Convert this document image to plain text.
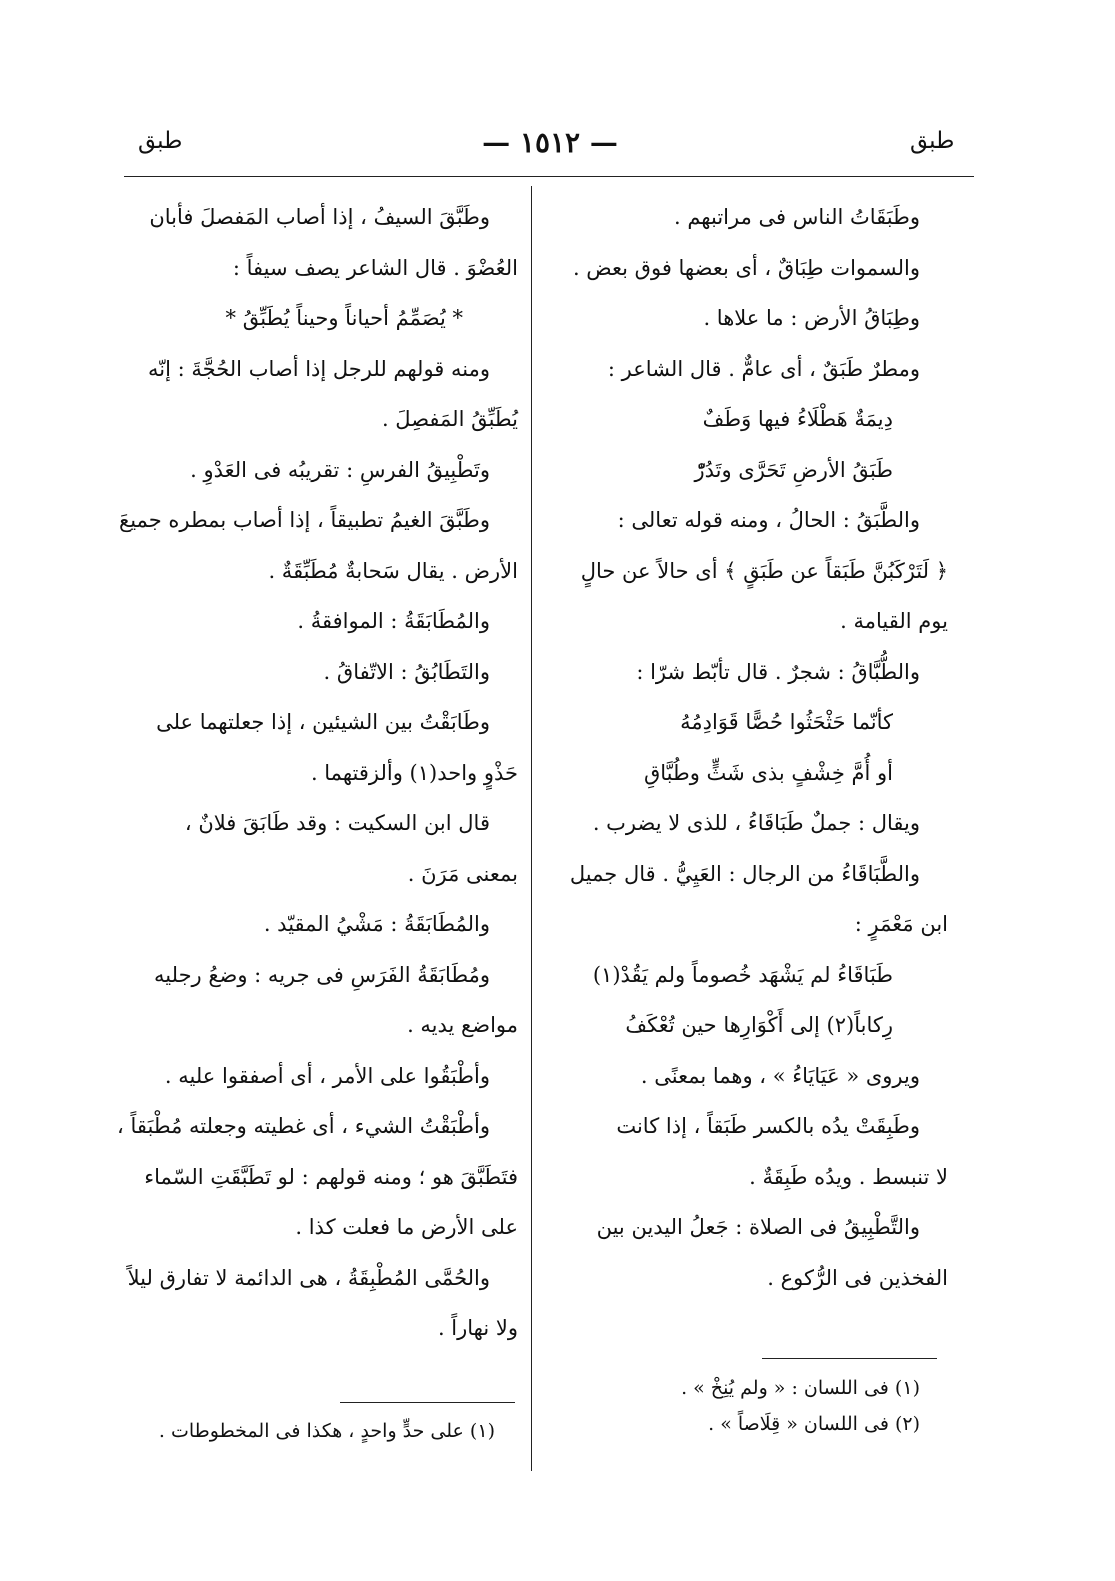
طبق	— ١٥١٢ —	طبق
وطَبَقَاتُ الناس فى مراتبهم .
والسموات طِبَاقٌ ، أى بعضها فوق بعض .
وطِبَاقُ الأرض : ما علاها .
ومطرٌ طَبَقٌ ، أى عامٌّ . قال الشاعر :
دِيمَةٌ هَطْلَاءُ فيها وَطَفٌ
طَبَقُ الأرضِ تَحَرَّى وتَدُرّْ
والطَّبَقُ : الحالُ ، ومنه قوله تعالى :
﴿ لَتَرْكَبُنَّ طَبَقاً عن طَبَقٍ ﴾ أى حالاً عن حالٍ
يوم القيامة .
والطُّبَّاقُ : شجرٌ . قال تأبّط شرّا :
كأنّما حَثْحَثُوا حُصًّا قَوَادِمُهُ
أو أُمَّ خِشْفٍ بذى شَثٍّ وطُبَّاقِ
ويقال : جملٌ طَبَاقَاءُ ، للذى لا يضرب .
والطَّبَاقَاءُ من الرجال : العَيِيُّ . قال جميل
ابن مَعْمَرٍ :
طَبَاقَاءُ لم يَشْهَد خُصوماً ولم يَقُدْ(١)
رِكاباً(٢) إلى أَكْوَارِها حين تُعْكَفُ
ويروى « عَيَايَاءُ » ، وهما بمعنًى .
وطَبِقَتْ يدُه بالكسر طَبَقاً ، إذا كانت
لا تنبسط . ويدُه طَبِقَةٌ .
والتَّطْبِيقُ فى الصلاة : جَعلُ اليدين بين
الفخذين فى الرُّكوع .
(١) فى اللسان : « ولم يُنِخْ » .
(٢) فى اللسان « قِلَاصاً » .
وطَبَّقَ السيفُ ، إذا أصاب المَفصلَ فأبان
العُضْوَ . قال الشاعر يصف سيفاً :
* يُصَمِّمُ أحياناً وحيناً يُطَبِّقُ *
ومنه قولهم للرجل إذا أصاب الحُجَّةَ : إنّه
يُطَبِّقُ المَفصِلَ .
وتَطْبِيقُ الفرسِ : تقريبُه فى العَدْوِ .
وطَبَّقَ الغيمُ تطبيقاً ، إذا أصاب بمطره جميعَ
الأرض . يقال سَحابةٌ مُطَبِّقَةٌ .
والمُطَابَقَةُ : الموافقةُ .
والتَطَابُقُ : الاتّفاقُ .
وطَابَقْتُ بين الشيئين ، إذا جعلتهما على
حَذْوٍ واحد(١) وألزقتهما .
قال ابن السكيت : وقد طَابَقَ فلانٌ ،
بمعنى مَرَنَ .
والمُطَابَقَةُ : مَشْيُ المقيّد .
ومُطَابَقَةُ الفَرَسِ فى جريه : وضعُ رجليه
مواضع يديه .
وأطْبَقُوا على الأمر ، أى أصفقوا عليه .
وأطْبَقْتُ الشيء ، أى غطيته وجعلته مُطْبَقاً ،
فتَطَبَّقَ هو ؛ ومنه قولهم : لو تَطَبَّقَتِ السّماء
على الأرض ما فعلت كذا .
والحُمَّى المُطْبِقَةُ ، هى الدائمة لا تفارق ليلاً
ولا نهاراً .
(١) على حدٍّ واحدٍ ، هكذا فى المخطوطات .
